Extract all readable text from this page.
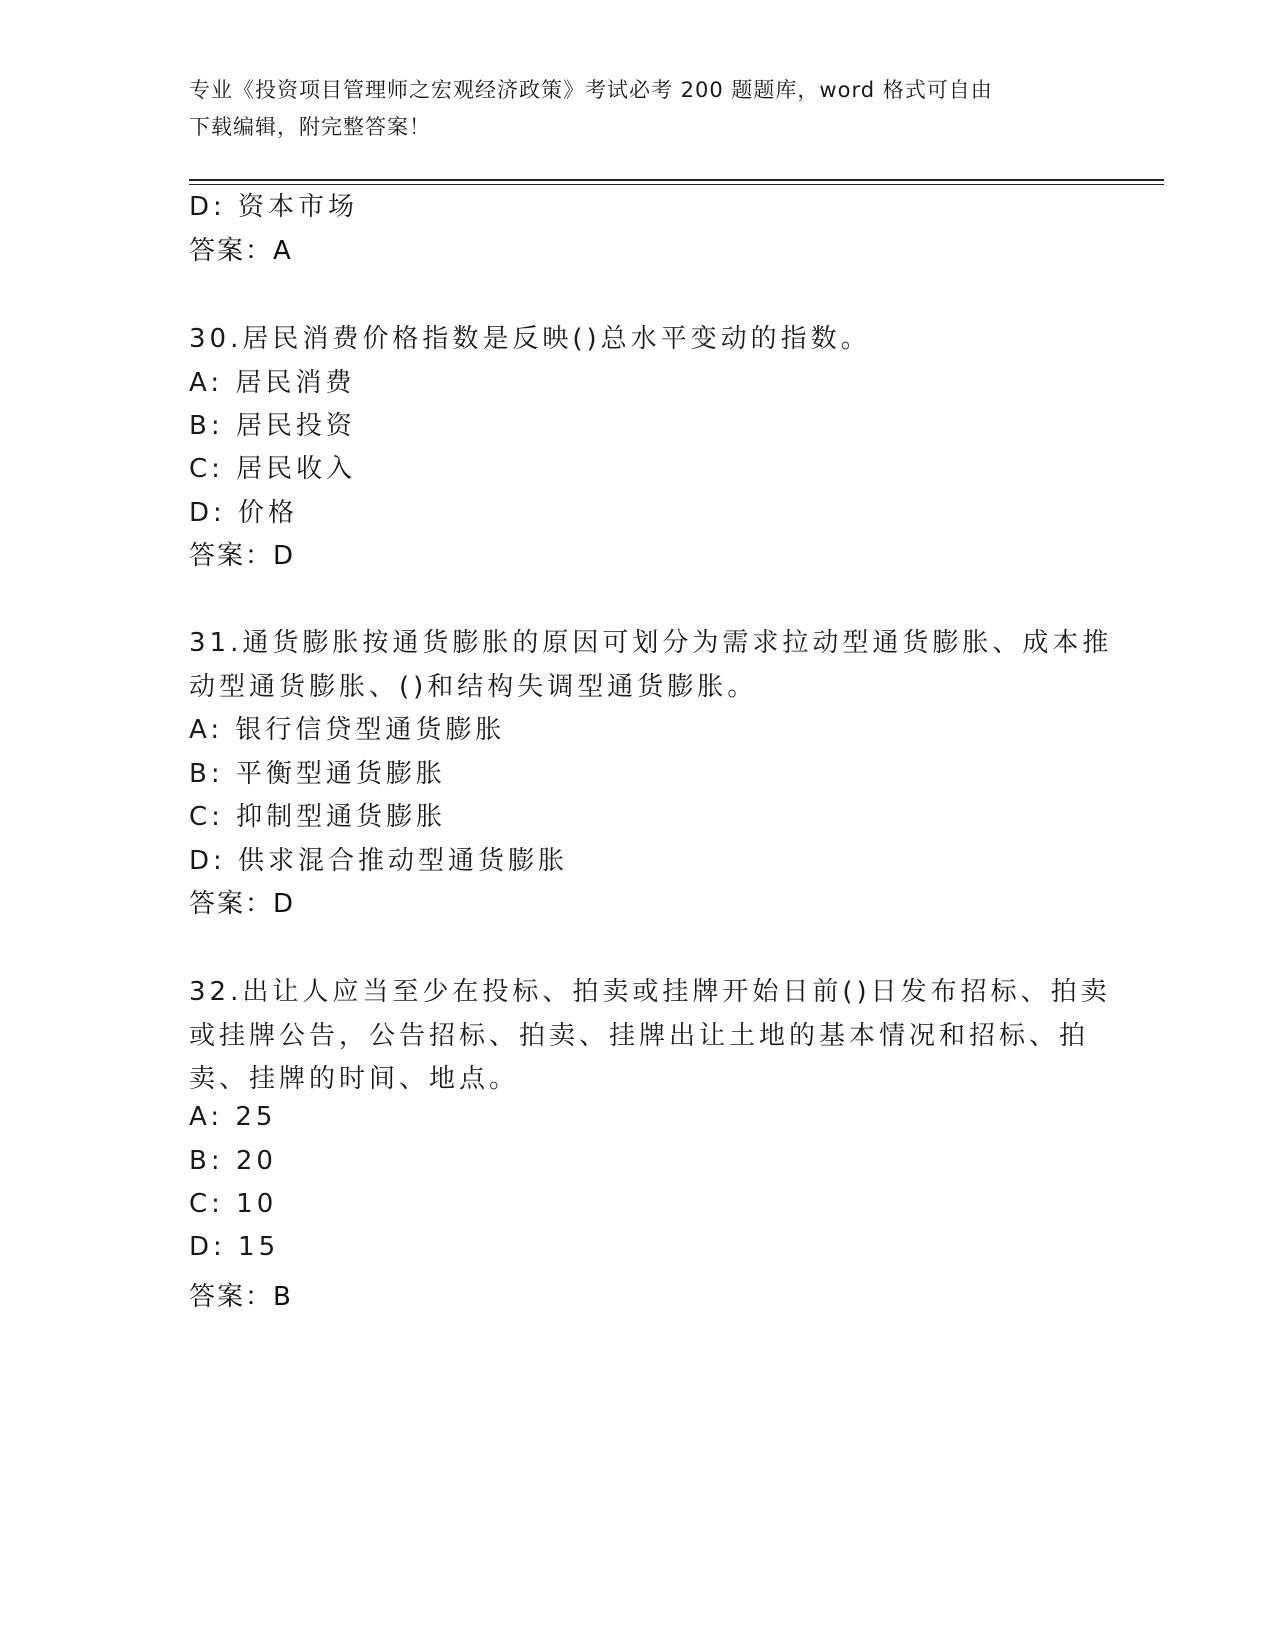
专业《投资项目管理师之宏观经济政策》考试必考 200 题题库，word 格式可自由
下载编辑，附完整答案！
D: 资本市场
答案：A
30.居民消费价格指数是反映()总水平变动的指数。
A: 居民消费
B: 居民投资
C: 居民收入
D: 价格
答案：D
31.通货膨胀按通货膨胀的原因可划分为需求拉动型通货膨胀、成本推
动型通货膨胀、()和结构失调型通货膨胀。
A: 银行信贷型通货膨胀
B: 平衡型通货膨胀
C: 抑制型通货膨胀
D: 供求混合推动型通货膨胀
答案：D
32.出让人应当至少在投标、拍卖或挂牌开始日前()日发布招标、拍卖
或挂牌公告，公告招标、拍卖、挂牌出让土地的基本情况和招标、拍
卖、挂牌的时间、地点。
A: 25
B: 20
C: 10
D: 15
答案：B
